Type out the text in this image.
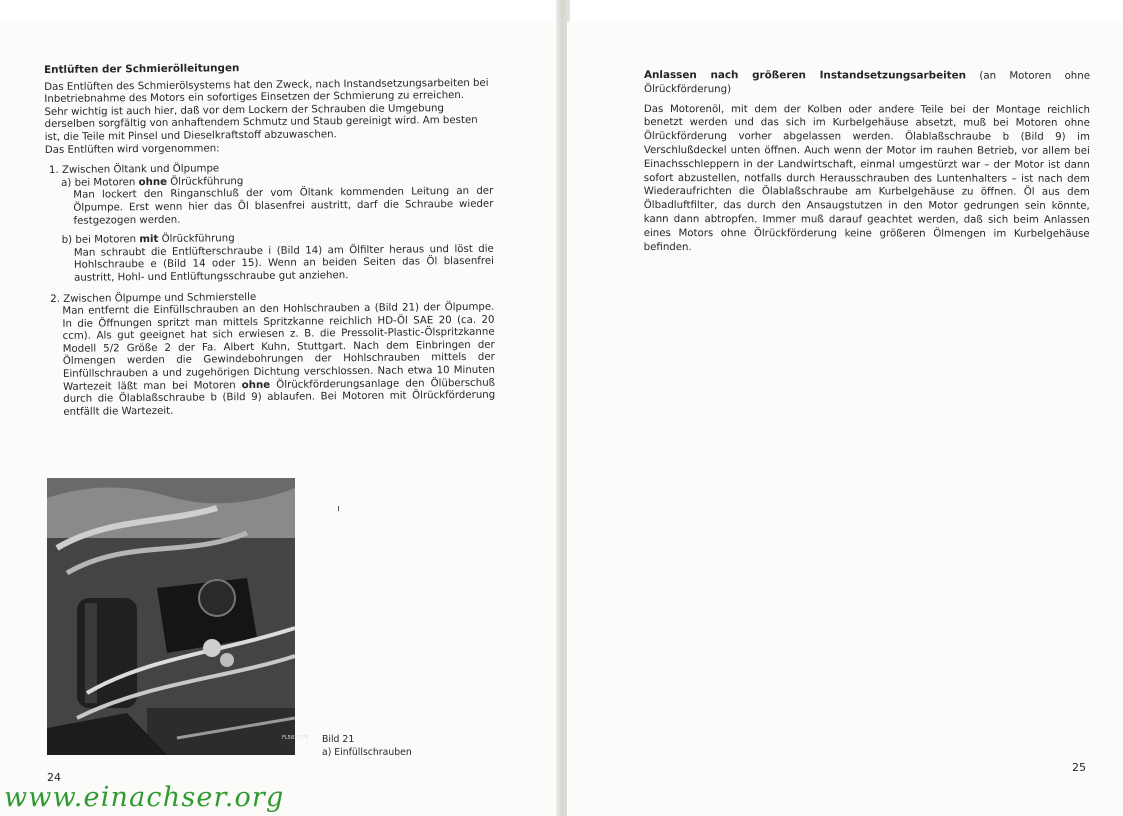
Entlüften der Schmierölleitungen

Das Entlüften des Schmierölsystems hat den Zweck, nach Instandsetzungsarbeiten bei Inbetriebnahme des Motors ein sofortiges Einsetzen der Schmierung zu erreichen.

Sehr wichtig ist auch hier, daß vor dem Lockern der Schrauben die Umgebung derselben sorgfältig von anhaftendem Schmutz und Staub gereinigt wird. Am besten ist, die Teile mit Pinsel und Dieselkraftstoff abzuwaschen.

Das Entlüften wird vorgenommen:

1. Zwischen Öltank und Ölpumpe
a) bei Motoren ohne Ölrückführung
Man lockert den Ringanschluß der vom Öltank kommenden Leitung an der Ölpumpe. Erst wenn hier das Öl blasenfrei austritt, darf die Schraube wieder festgezogen werden.
b) bei Motoren mit Ölrückführung
Man schraubt die Entlüfterschraube i (Bild 14) am Ölfilter heraus und löst die Hohlschraube e (Bild 14 oder 15). Wenn an beiden Seiten das Öl blasenfrei austritt, Hohl- und Entlüftungsschraube gut anziehen.
2. Zwischen Ölpumpe und Schmierstelle
Man entfernt die Einfüllschrauben an den Hohlschrauben a (Bild 21) der Ölpumpe. In die Öffnungen spritzt man mittels Spritzkanne reichlich HD-Öl SAE 20 (ca. 20 ccm). Als gut geeignet hat sich erwiesen z. B. die Pressolit-Plastic-Ölspritzkanne Modell 5/2 Größe 2 der Fa. Albert Kuhn, Stuttgart. Nach dem Einbringen der Ölmengen werden die Gewindebohrungen der Hohlschrauben mittels der Einfüllschrauben a und zugehörigen Dichtung verschlossen. Nach etwa 10 Minuten Wartezeit läßt man bei Motoren ohne Ölrückförderungsanlage den Ölüberschuß durch die Ölablaßschraube b (Bild 9) ablaufen. Bei Motoren mit Ölrückförderung entfällt die Wartezeit.
FL5837/76 Bild 21
a) Einfüllschrauben
24
Anlassen nach größeren Instandsetzungsarbeiten (an Motoren ohne Ölrückförderung)
Das Motorenöl, mit dem der Kolben oder andere Teile bei der Montage reichlich benetzt werden und das sich im Kurbelgehäuse absetzt, muß bei Motoren ohne Ölrückförderung vorher abgelassen werden. Ölablaßschraube b (Bild 9) im Verschlußdeckel unten öffnen. Auch wenn der Motor im rauhen Betrieb, vor allem bei Einachsschleppern in der Landwirtschaft, einmal umgestürzt war – der Motor ist dann sofort abzustellen, notfalls durch Herausschrauben des Luntenhalters – ist nach dem Wiederaufrichten die Ölablaßschraube am Kurbelgehäuse zu öffnen. Öl aus dem Ölbadluftfilter, das durch den Ansaugstutzen in den Motor gedrungen sein könnte, kann dann abtropfen. Immer muß darauf geachtet werden, daß sich beim Anlassen eines Motors ohne Ölrückförderung keine größeren Ölmengen im Kurbelgehäuse befinden.
25
www.einachser.org
